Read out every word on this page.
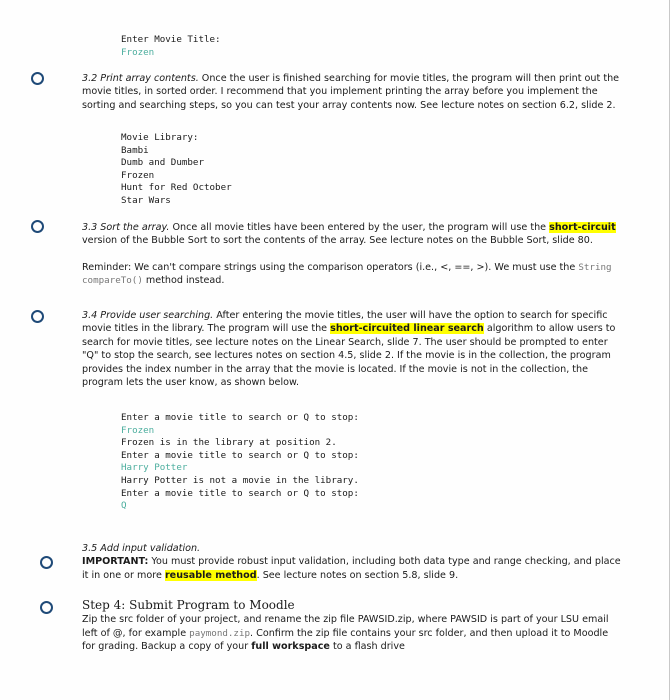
Enter Movie Title:
Frozen

3.2 Print array contents. Once the user is finished searching for movie titles, the program will then print out the movie titles, in sorted order. I recommend that you implement printing the array before you implement the sorting and searching steps, so you can test your array contents now. See lecture notes on section 6.2, slide 2.

Movie Library:
Bambi
Dumb and Dumber
Frozen
Hunt for Red October
Star Wars

3.3 Sort the array. Once all movie titles have been entered by the user, the program will use the short-circuit version of the Bubble Sort to sort the contents of the array. See lecture notes on the Bubble Sort, slide 80.

Reminder: We can't compare strings using the comparison operators (i.e., <, ==, >). We must use the String compareTo() method instead.

3.4 Provide user searching. After entering the movie titles, the user will have the option to search for specific movie titles in the library. The program will use the short-circuited linear search algorithm to allow users to search for movie titles, see lecture notes on the Linear Search, slide 7. The user should be prompted to enter "Q" to stop the search, see lectures notes on section 4.5, slide 2. If the movie is in the collection, the program provides the index number in the array that the movie is located. If the movie is not in the collection, the program lets the user know, as shown below.

Enter a movie title to search or Q to stop:
Frozen
Frozen is in the library at position 2.
Enter a movie title to search or Q to stop:
Harry Potter
Harry Potter is not a movie in the library.
Enter a movie title to search or Q to stop:
Q

3.5 Add input validation.

IMPORTANT: You must provide robust input validation, including both data type and range checking, and place it in one or more reusable method. See lecture notes on section 5.8, slide 9.

Step 4: Submit Program to Moodle

Zip the src folder of your project, and rename the zip file PAWSID.zip, where PAWSID is part of your LSU email left of @, for example paymond.zip. Confirm the zip file contains your src folder, and then upload it to Moodle for grading. Backup a copy of your full workspace to a flash drive
